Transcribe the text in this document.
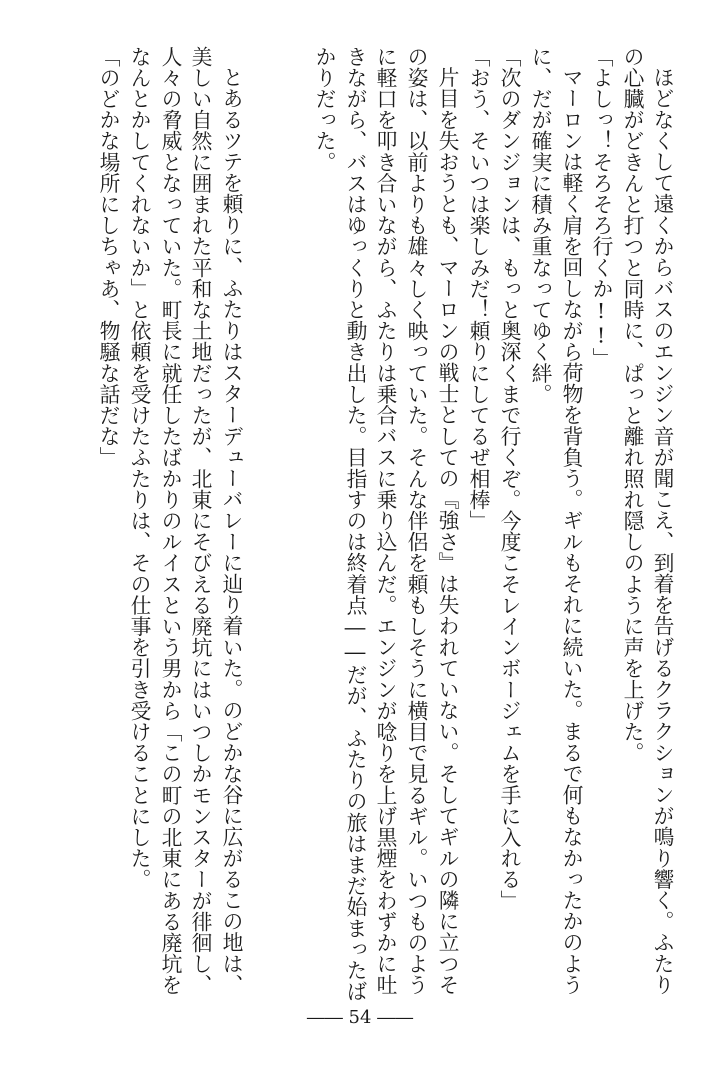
ほどなくして遠くからバスのエンジン音が聞こえ、到着を告げるクラクションが鳴り響く。ふたり
の心臓がどきんと打つと同時に、ぱっと離れ照れ隠しのように声を上げた。
「よしっ！そろそろ行くか!!」
マーロンは軽く肩を回しながら荷物を背負う。ギルもそれに続いた。まるで何もなかったかのよう
に、だが確実に積み重なってゆく絆。
「次のダンジョンは、もっと奥深くまで行くぞ。今度こそレインボージェムを手に入れる」
「おう、そいつは楽しみだ！頼りにしてるぜ相棒」
片目を失おうとも、マーロンの戦士としての『強さ』は失われていない。そしてギルの隣に立つそ
の姿は、以前よりも雄々しく映っていた。そんな伴侶を頼もしそうに横目で見るギル。いつものよう
に軽口を叩き合いながら、ふたりは乗合バスに乗り込んだ。エンジンが唸りを上げ黒煙をわずかに吐
きながら、バスはゆっくりと動き出した。目指すのは終着点――だが、ふたりの旅はまだ始まったば
かりだった。
とあるツテを頼りに、ふたりはスターデューバレーに辿り着いた。のどかな谷に広がるこの地は、
美しい自然に囲まれた平和な土地だったが、北東にそびえる廃坑にはいつしかモンスターが徘徊し、
人々の脅威となっていた。町長に就任したばかりのルイスという男から「この町の北東にある廃坑を
なんとかしてくれないか」と依頼を受けたふたりは、その仕事を引き受けることにした。
「のどかな場所にしちゃあ、物騒な話だな」
―― 54 ――
